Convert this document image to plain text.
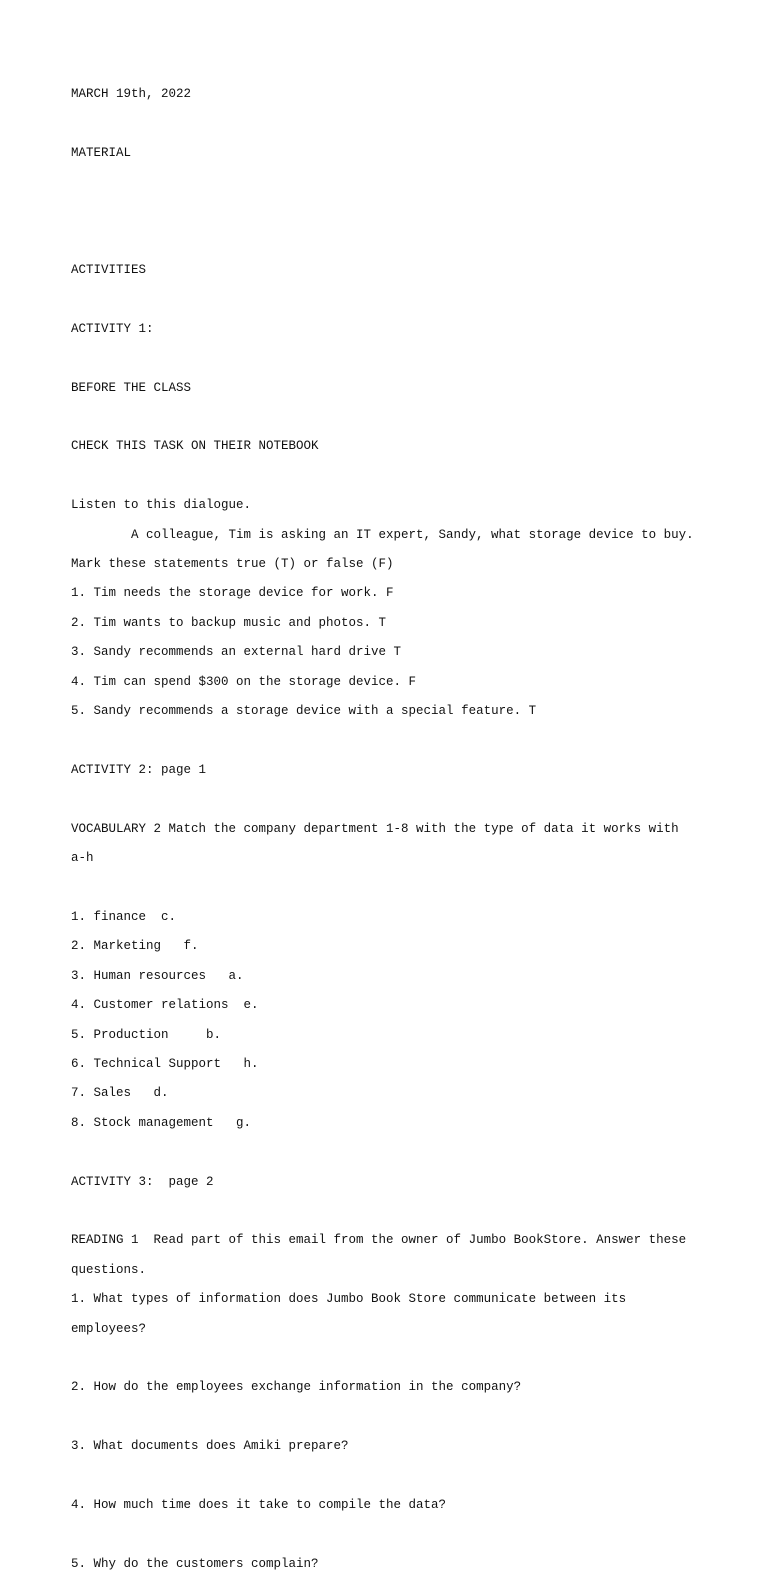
MARCH 19th, 2022

MATERIAL

ACTIVITIES

ACTIVITY 1:

BEFORE THE CLASS

CHECK THIS TASK ON THEIR NOTEBOOK

Listen to this dialogue.

A colleague, Tim is asking an IT expert, Sandy, what storage device to buy.

Mark these statements true (T) or false (F)

1. Tim needs the storage device for work. F

2. Tim wants to backup music and photos. T

3. Sandy recommends an external hard drive T

4. Tim can spend $300 on the storage device. F

5. Sandy recommends a storage device with a special feature. T

ACTIVITY 2: page 1

VOCABULARY 2 Match the company department 1-8 with the type of data it works with

a-h

1. finance  c.

2. Marketing   f.

3. Human resources   a.

4. Customer relations  e.

5. Production     b.

6. Technical Support   h.

7. Sales   d.

8. Stock management   g.

ACTIVITY 3:  page 2

READING 1  Read part of this email from the owner of Jumbo BookStore. Answer these

questions.

1. What types of information does Jumbo Book Store communicate between its

employees?

2. How do the employees exchange information in the company?

3. What documents does Amiki prepare?

4. How much time does it take to compile the data?

5. Why do the customers complain?
